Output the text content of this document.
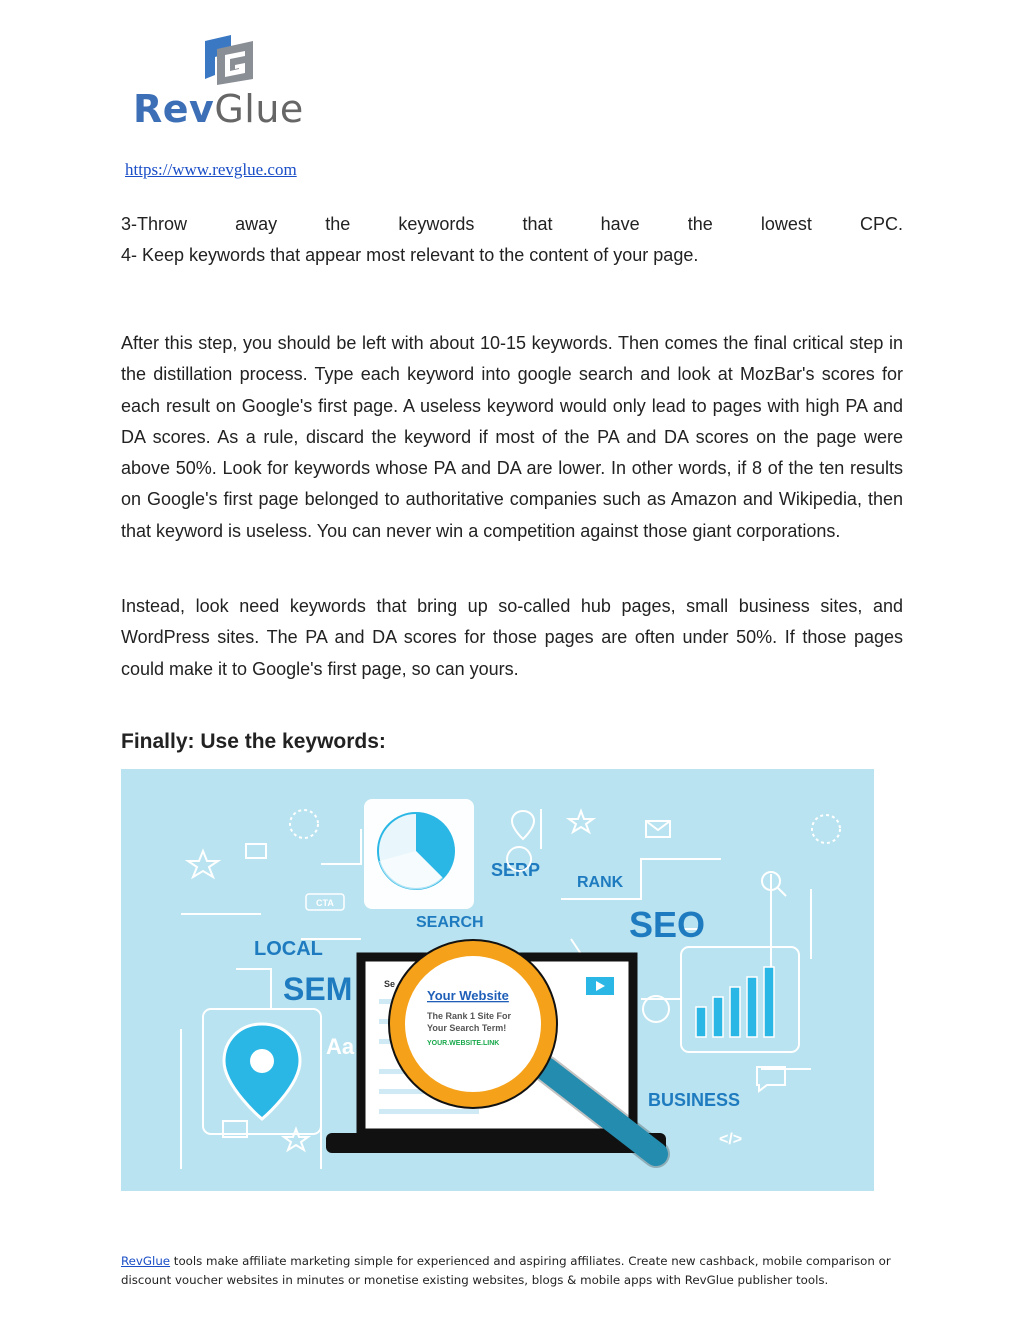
RevGlue
https://www.revglue.com
3-Throw away the keywords that have the lowest CPC.
4- Keep keywords that appear most relevant to the content of your page.
After this step, you should be left with about 10-15 keywords. Then comes the final critical step in the distillation process. Type each keyword into google search and look at MozBar's scores for each result on Google's first page. A useless keyword would only lead to pages with high PA and DA scores. As a rule, discard the keyword if most of the PA and DA scores on the page were above 50%. Look for keywords whose PA and DA are lower. In other words, if 8 of the ten results on Google's first page belonged to authoritative companies such as Amazon and Wikipedia, then that keyword is useless. You can never win a competition against those giant corporations.
Instead, look need keywords that bring up so-called hub pages, small business sites, and WordPress sites. The PA and DA scores for those pages are often under 50%. If those pages could make it to Google's first page, so can yours.
Finally: Use the keywords:
Se
Your Website
The Rank 1 Site For
Your Search Term!
YOUR.WEBSITE.LINK
SERP
RANK
SEARCH	SEO
LOCAL
SEM
BUSINESS
Aa
CTA
</>
RevGlue tools make affiliate marketing simple for experienced and aspiring affiliates. Create new cashback, mobile comparison or discount voucher websites in minutes or monetise existing websites, blogs & mobile apps with RevGlue publisher tools.
